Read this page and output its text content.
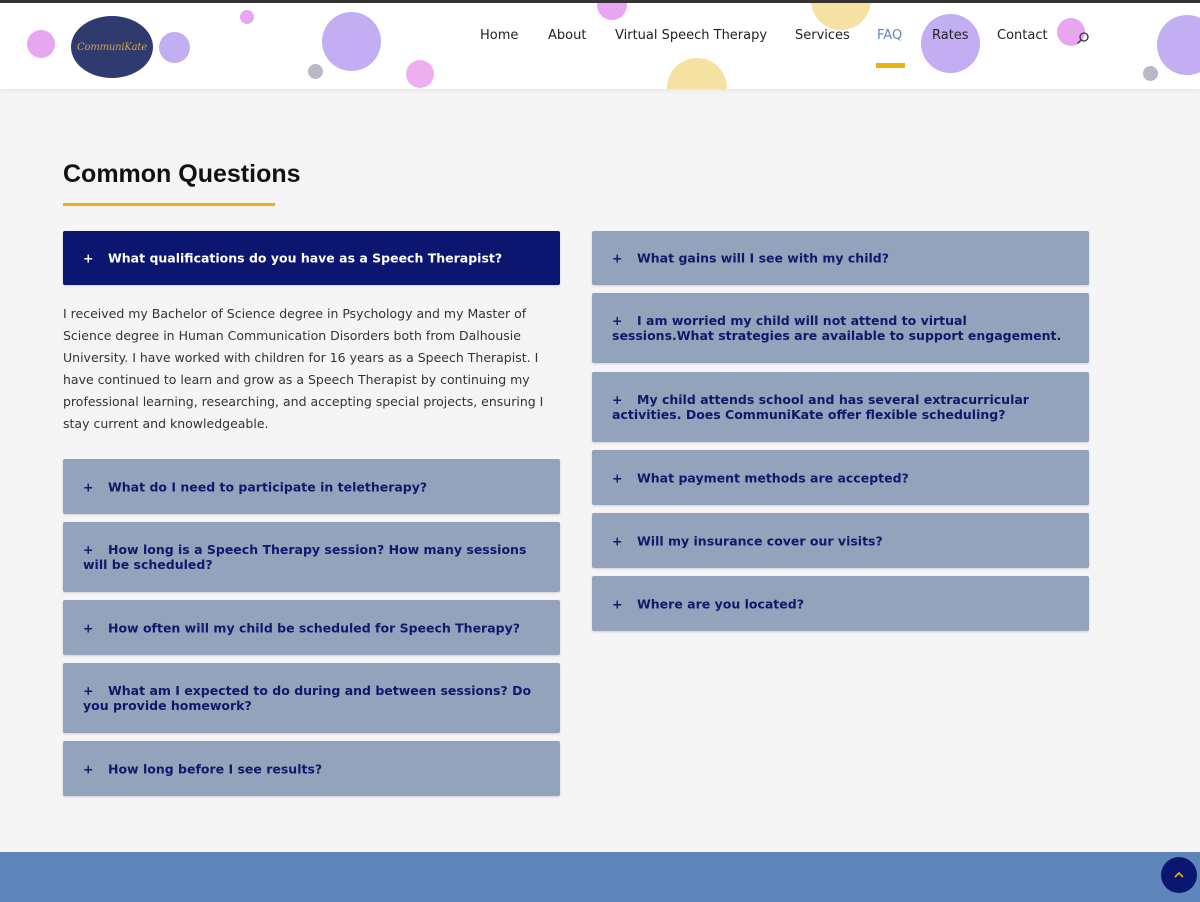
CommuniKate
Home About Virtual Speech Therapy Services FAQ Rates Contact
Common Questions
+ What qualifications do you have as a Speech Therapist?

I received my Bachelor of Science degree in Psychology and my Master of Science degree in Human Communication Disorders both from Dalhousie University. I have worked with children for 16 years as a Speech Therapist. I have continued to learn and grow as a Speech Therapist by continuing my professional learning, researching, and accepting special projects, ensuring I stay current and knowledgeable.

+ What do I need to participate in teletherapy?
+ How long is a Speech Therapy session? How many sessions will be scheduled?
+ How often will my child be scheduled for Speech Therapy?
+ What am I expected to do during and between sessions? Do you provide homework?
+ How long before I see results?
+ What gains will I see with my child?
+ I am worried my child will not attend to virtual sessions.What strategies are available to support engagement.
+ My child attends school and has several extracurricular activities. Does CommuniKate offer flexible scheduling?
+ What payment methods are accepted?
+ Will my insurance cover our visits?
+ Where are you located?
